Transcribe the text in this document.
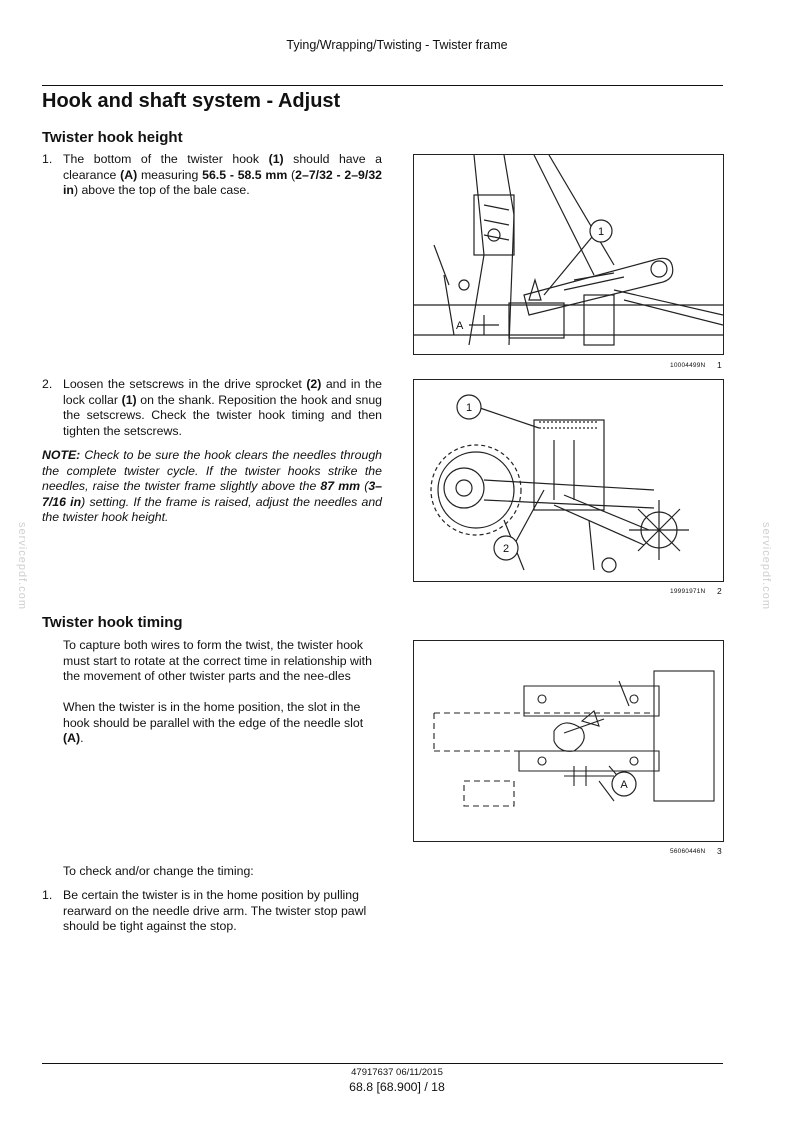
Tying/Wrapping/Twisting - Twister frame
Hook and shaft system - Adjust
Twister hook height
1. The bottom of the twister hook (1) should have a clearance (A) measuring 56.5 - 58.5 mm (2–7/32 - 2–9/32 in) above the top of the bale case.
1
A
10004499N 1
2. Loosen the setscrews in the drive sprocket (2) and in the lock collar (1) on the shank. Reposition the hook and snug the setscrews. Check the twister hook timing and then tighten the setscrews.
NOTE: Check to be sure the hook clears the needles through the complete twister cycle. If the twister hooks strike the needles, raise the twister frame slightly above the 87 mm (3–7/16 in) setting. If the frame is raised, adjust the needles and the twister hook height.
1
2
19991971N 2
Twister hook timing
To capture both wires to form the twist, the twister hook must start to rotate at the correct time in relationship with the movement of other twister parts and the nee-dles
When the twister is in the home position, the slot in the hook should be parallel with the edge of the needle slot (A).
A
56060446N 3
To check and/or change the timing:
1. Be certain the twister is in the home position by pulling rearward on the needle drive arm. The twister stop pawl should be tight against the stop.
servicepdf.com	servicepdf.com
47917637 06/11/2015
68.8 [68.900] / 18
